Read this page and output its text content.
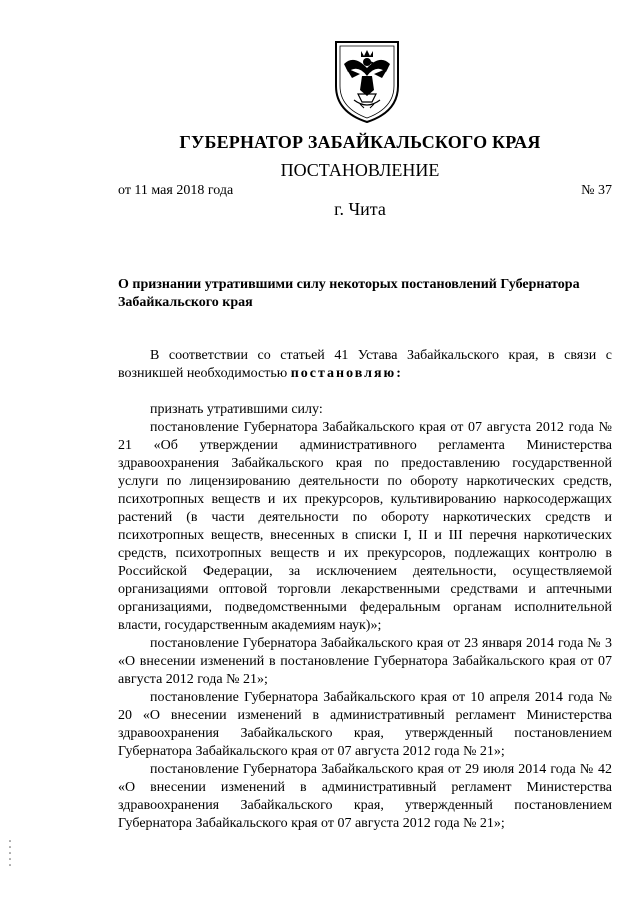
ГУБЕРНАТОР ЗАБАЙКАЛЬСКОГО КРАЯ
ПОСТАНОВЛЕНИЕ
от 11 мая 2018 года	№ 37
г. Чита
О признании утратившими силу некоторых постановлений Губернатора Забайкальского края

В соответствии со статьей 41 Устава Забайкальского края, в связи с возникшей необходимостью постановляю:

признать утратившими силу:

постановление Губернатора Забайкальского края от 07 августа 2012 года № 21 «Об утверждении административного регламента Министерства здравоохранения Забайкальского края по предоставлению государственной услуги по лицензированию деятельности по обороту наркотических средств, психотропных веществ и их прекурсоров, культивированию наркосодержащих растений (в части деятельности по обороту наркотических средств и психотропных веществ, внесенных в списки I, II и III перечня наркотических средств, психотропных веществ и их прекурсоров, подлежащих контролю в Российской Федерации, за исключением деятельности, осуществляемой организациями оптовой торговли лекарственными средствами и аптечными организациями, подведомственными федеральным органам исполнительной власти, государственным академиям наук)»;

постановление Губернатора Забайкальского края от 23 января 2014 года № 3 «О внесении изменений в постановление Губернатора Забайкальского края от 07 августа 2012 года № 21»;

постановление Губернатора Забайкальского края от 10 апреля 2014 года № 20 «О внесении изменений в административный регламент Министерства здравоохранения Забайкальского края, утвержденный постановлением Губернатора Забайкальского края от 07 августа 2012 года № 21»;

постановление Губернатора Забайкальского края от 29 июля 2014 года № 42 «О внесении изменений в административный регламент Министерства здравоохранения Забайкальского края, утвержденный постановлением Губернатора Забайкальского края от 07 августа 2012 года № 21»;
